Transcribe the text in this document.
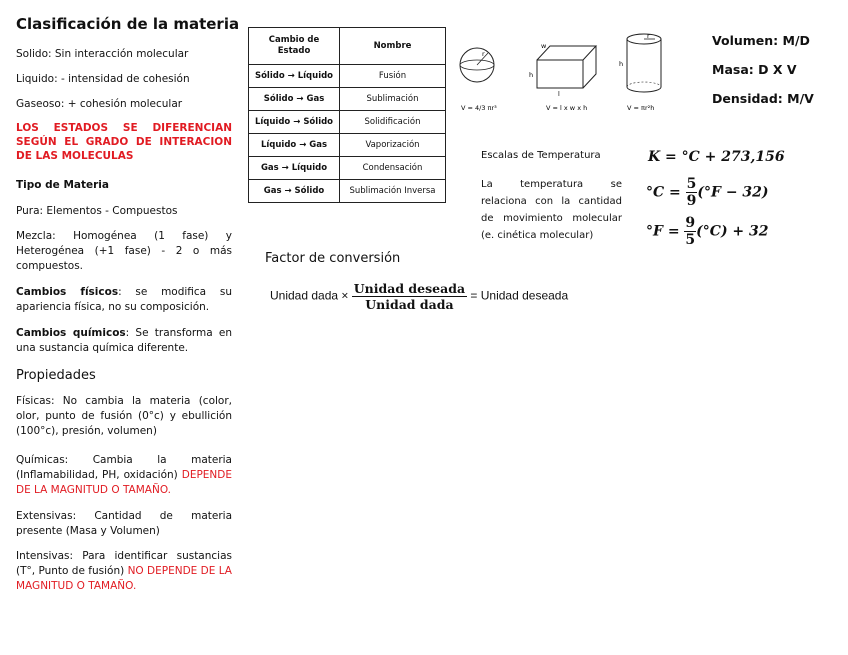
Clasificación de la materia
Solido: Sin interacción molecular
Liquido: - intensidad de cohesión
Gaseoso: + cohesión molecular
LOS ESTADOS SE DIFERENCIAN SEGÚN EL GRADO DE INTERACION DE LAS MOLECULAS
Tipo de Materia
Pura: Elementos - Compuestos
Mezcla: Homogénea (1 fase) y Heterogénea (+1 fase) - 2 o más compuestos.
Cambios físicos: se modifica su apariencia física, no su composición.
Cambios químicos: Se transforma en una sustancia química diferente.
Propiedades
Físicas: No cambia la materia (color, olor, punto de fusión (0°c) y ebullición (100°c), presión, volumen)
Químicas: Cambia la materia (Inflamabilidad, PH, oxidación) DEPENDE DE LA MAGNITUD O TAMAÑO.
Extensivas: Cantidad de materia presente (Masa y Volumen)
Intensivas: Para identificar sustancias (T°, Punto de fusión) NO DEPENDE DE LA MAGNITUD O TAMAÑO.
Cambio de Estado	Nombre
Sólido → Líquido	Fusión
Sólido → Gas	Sublimación
Líquido → Sólido	Solidificación
Líquido → Gas	Vaporización
Gas → Líquido	Condensación
Gas → Sólido	Sublimación Inversa
r
w
h
l
r
h
V = 4/3 πr³	V = l x w x h	V = πr²h
Volumen: M/D
Masa: D X V
Densidad: M/V
Escalas de Temperatura
La temperatura se relaciona con la cantidad de movimiento molecular (e. cinética molecular)
K = °C + 273,156
$^\circ C = \frac{5}{9} (^\circ F - 32)$
$^\circ F = \frac{9}{5} (^\circ C) + 32$
Factor de conversión
Unidad dada × $\frac{\text{Unidad deseada}}{\text{Unidad dada}}$ = Unidad deseada
